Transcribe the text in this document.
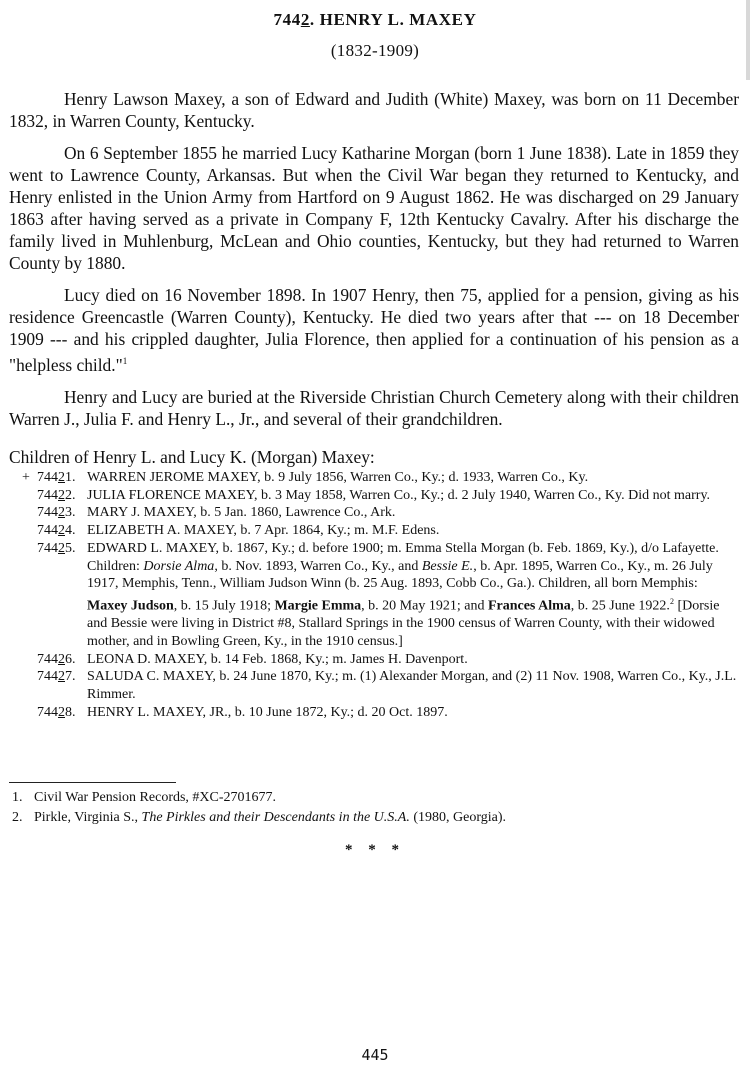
7442. HENRY L. MAXEY
(1832-1909)

Henry Lawson Maxey, a son of Edward and Judith (White) Maxey, was born on 11 December 1832, in Warren County, Kentucky.

On 6 September 1855 he married Lucy Katharine Morgan (born 1 June 1838). Late in 1859 they went to Lawrence County, Arkansas. But when the Civil War began they returned to Kentucky, and Henry enlisted in the Union Army from Hartford on 9 August 1862. He was discharged on 29 January 1863 after having served as a private in Company F, 12th Kentucky Cavalry. After his discharge the family lived in Muhlenburg, McLean and Ohio counties, Kentucky, but they had returned to Warren County by 1880.

Lucy died on 16 November 1898. In 1907 Henry, then 75, applied for a pension, giving as his residence Greencastle (Warren County), Kentucky. He died two years after that --- on 18 December 1909 --- and his crippled daughter, Julia Florence, then applied for a continuation of his pension as a "helpless child."$^1$

Henry and Lucy are buried at the Riverside Christian Church Cemetery along with their children Warren J., Julia F. and Henry L., Jr., and several of their grandchildren.

Children of Henry L. and Lucy K. (Morgan) Maxey:
+ 74421. WARREN JEROME MAXEY, b. 9 July 1856, Warren Co., Ky.; d. 1933, Warren Co., Ky.
74422. JULIA FLORENCE MAXEY, b. 3 May 1858, Warren Co., Ky.; d. 2 July 1940, Warren Co., Ky. Did not marry.
74423. MARY J. MAXEY, b. 5 Jan. 1860, Lawrence Co., Ark.
74424. ELIZABETH A. MAXEY, b. 7 Apr. 1864, Ky.; m. M.F. Edens.
74425. EDWARD L. MAXEY, b. 1867, Ky.; d. before 1900; m. Emma Stella Morgan (b. Feb. 1869, Ky.), d/o Lafayette. Children: Dorsie Alma, b. Nov. 1893, Warren Co., Ky., and Bessie E., b. Apr. 1895, Warren Co., Ky., m. 26 July 1917, Memphis, Tenn., William Judson Winn (b. 25 Aug. 1893, Cobb Co., Ga.). Children, all born Memphis: Maxey Judson, b. 15 July 1918; Margie Emma, b. 20 May 1921; and Frances Alma, b. 25 June 1922.$^2$ [Dorsie and Bessie were living in District #8, Stallard Springs in the 1900 census of Warren County, with their widowed mother, and in Bowling Green, Ky., in the 1910 census.]
74426. LEONA D. MAXEY, b. 14 Feb. 1868, Ky.; m. James H. Davenport.
74427. SALUDA C. MAXEY, b. 24 June 1870, Ky.; m. (1) Alexander Morgan, and (2) 11 Nov. 1908, Warren Co., Ky., J.L. Rimmer.
74428. HENRY L. MAXEY, JR., b. 10 June 1872, Ky.; d. 20 Oct. 1897.
1. Civil War Pension Records, #XC-2701677.
2. Pirkle, Virginia S., The Pirkles and their Descendants in the U.S.A. (1980, Georgia).
* * *
445
